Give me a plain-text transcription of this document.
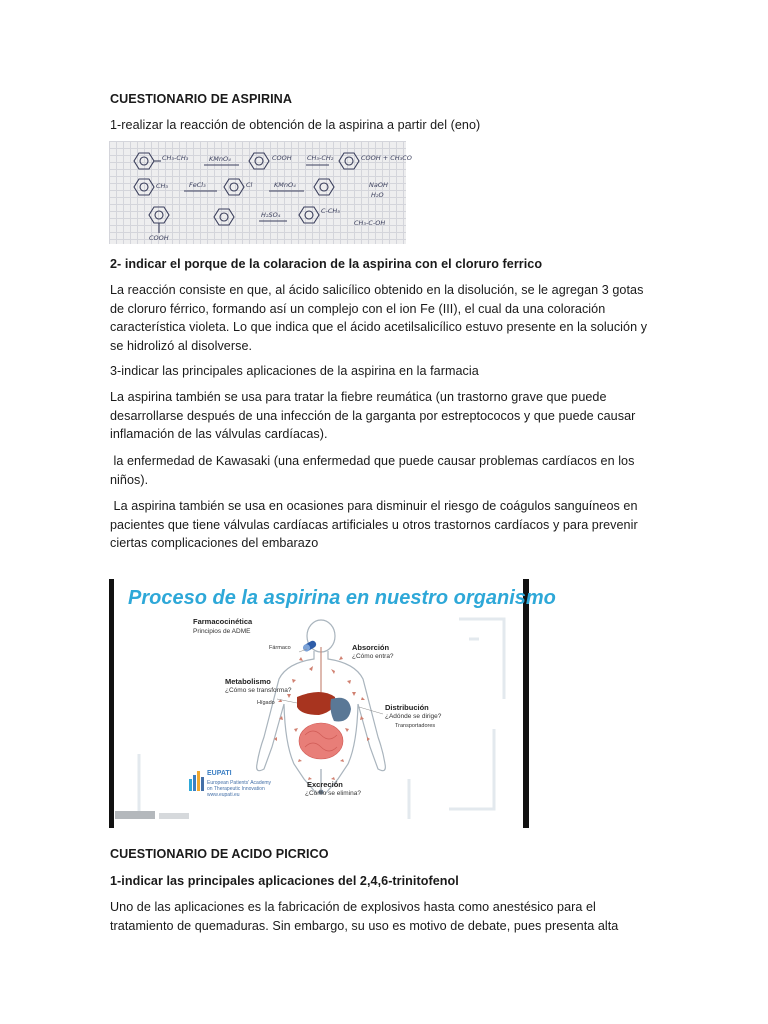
CUESTIONARIO DE ASPIRINA
1-realizar la reacción de obtención de la aspirina a partir del (eno)
CH₃-CH₃	KMnO₄	COOH CH₃-CH₂	COOH + CH₃CO
CH₃	FeCl₃	Cl	KMnO₄	NaOH
H₂O
H₂SO₄	C-CH₃
CH₃-C-OH
COOH
2- indicar el porque de la colaracion de la aspirina con el cloruro ferrico
La reacción consiste en que, al ácido salicílico obtenido en la disolución, se le agregan 3 gotas
de cloruro férrico, formando así un complejo con el ion Fe (III), el cual da una coloración
característica violeta. Lo que indica que el ácido acetilsalicílico estuvo presente en la solución y
se hidrolizó al disolverse.
3-indicar las principales aplicaciones de la aspirina en la farmacia
La aspirina también se usa para tratar la fiebre reumática (un trastorno grave que puede
desarrollarse después de una infección de la garganta por estreptococos y que puede causar
inflamación de las válvulas cardíacas).
la enfermedad de Kawasaki (una enfermedad que puede causar problemas cardíacos en los
niños).
La aspirina también se usa en ocasiones para disminuir el riesgo de coágulos sanguíneos en
pacientes que tiene válvulas cardíacas artificiales u otros trastornos cardíacos y para prevenir
ciertas complicaciones del embarazo
Proceso de la aspirina en nuestro organismo
Farmacocinética
Principios de ADME
Fármaco	Absorción
¿Cómo entra?
Metabolismo
¿Cómo se transforma?
Hígado	Distribución
¿Adónde se dirige?
Transportadores
Excreción
¿Cómo se elimina?
EUPATI
European Patients' Academy
on Therapeutic Innovation
www.eupati.eu
CUESTIONARIO DE ACIDO PICRICO
1-indicar las principales aplicaciones del 2,4,6-trinitofenol
Uno de las aplicaciones es la fabricación de explosivos hasta como anestésico para el
tratamiento de quemaduras. Sin embargo, su uso es motivo de debate, pues presenta alta
